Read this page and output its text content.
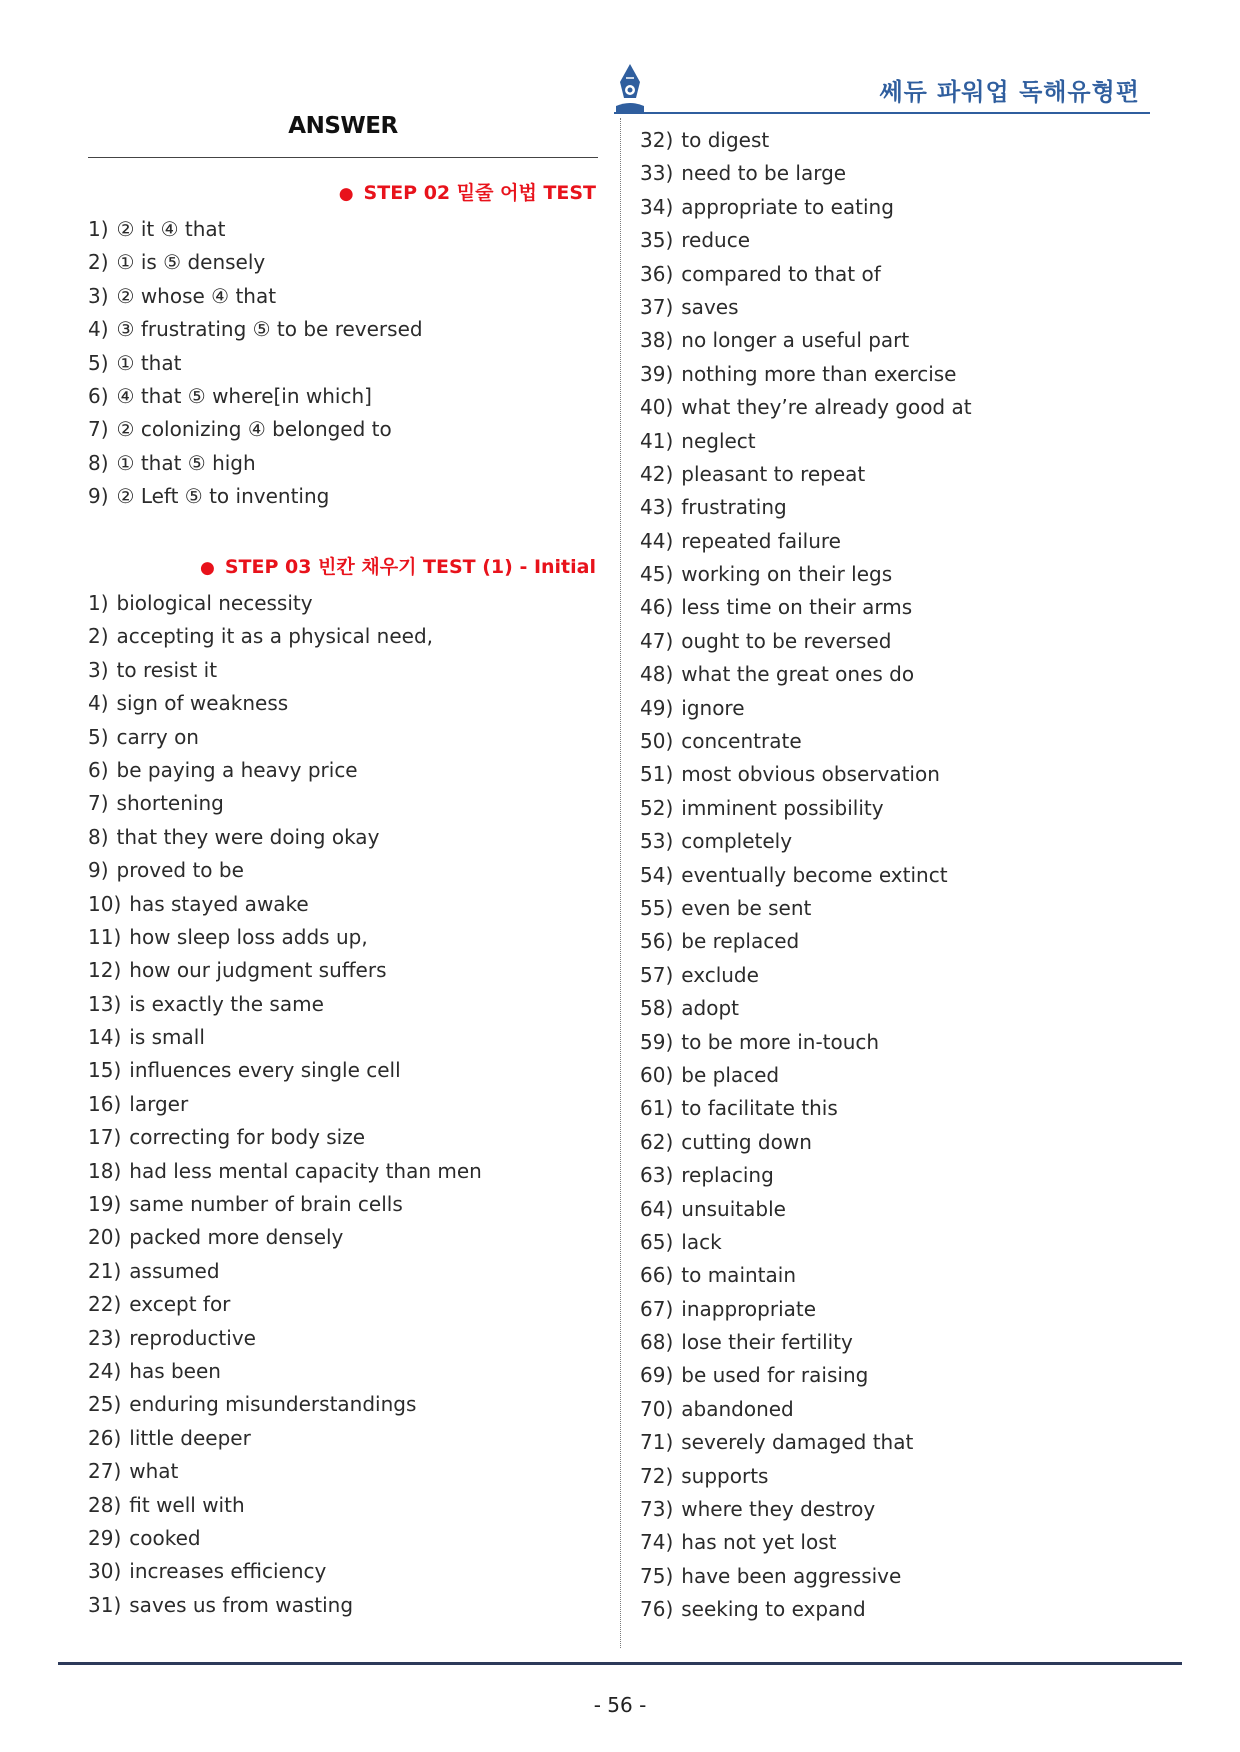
쎄듀 파워업 독해유형편
ANSWER
● STEP 02 밑줄 어법 TEST
1) ② it ④ that
2) ① is ⑤ densely
3) ② whose ④ that
4) ③ frustrating ⑤ to be reversed
5) ① that
6) ④ that ⑤ where[in which]
7) ② colonizing ④ belonged to
8) ① that ⑤ high
9) ② Left ⑤ to inventing
● STEP 03 빈칸 채우기 TEST (1) - Initial
1) biological necessity
2) accepting it as a physical need,
3) to resist it
4) sign of weakness
5) carry on
6) be paying a heavy price
7) shortening
8) that they were doing okay
9) proved to be
10) has stayed awake
11) how sleep loss adds up,
12) how our judgment suffers
13) is exactly the same
14) is small
15) influences every single cell
16) larger
17) correcting for body size
18) had less mental capacity than men
19) same number of brain cells
20) packed more densely
21) assumed
22) except for
23) reproductive
24) has been
25) enduring misunderstandings
26) little deeper
27) what
28) fit well with
29) cooked
30) increases efficiency
31) saves us from wasting
32) to digest
33) need to be large
34) appropriate to eating
35) reduce
36) compared to that of
37) saves
38) no longer a useful part
39) nothing more than exercise
40) what they’re already good at
41) neglect
42) pleasant to repeat
43) frustrating
44) repeated failure
45) working on their legs
46) less time on their arms
47) ought to be reversed
48) what the great ones do
49) ignore
50) concentrate
51) most obvious observation
52) imminent possibility
53) completely
54) eventually become extinct
55) even be sent
56) be replaced
57) exclude
58) adopt
59) to be more in-touch
60) be placed
61) to facilitate this
62) cutting down
63) replacing
64) unsuitable
65) lack
66) to maintain
67) inappropriate
68) lose their fertility
69) be used for raising
70) abandoned
71) severely damaged that
72) supports
73) where they destroy
74) has not yet lost
75) have been aggressive
76) seeking to expand
- 56 -
